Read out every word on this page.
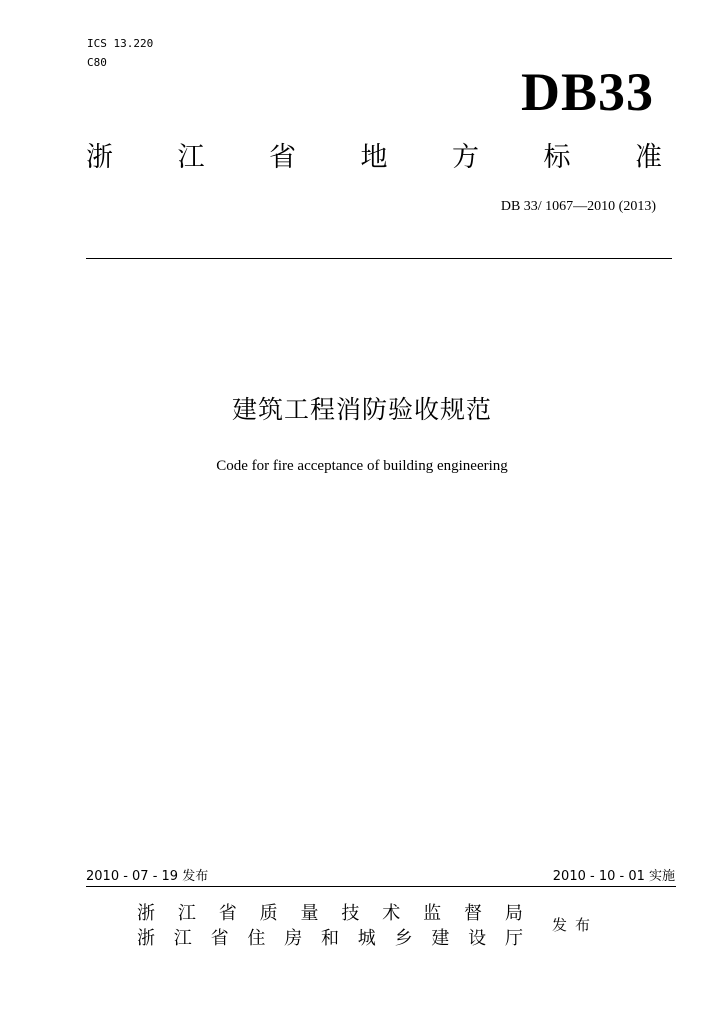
ICS 13.220
C80	DB33
浙 江 省 地 方 标 准
DB 33/ 1067—2010 (2013)
建筑工程消防验收规范
Code for fire acceptance of building engineering
2010 - 07 - 19 发布	2010 - 10 - 01 实施
浙 江 省 质 量 技 术 监 督 局
浙 江 省 住 房 和 城 乡 建 设 厅
发布
